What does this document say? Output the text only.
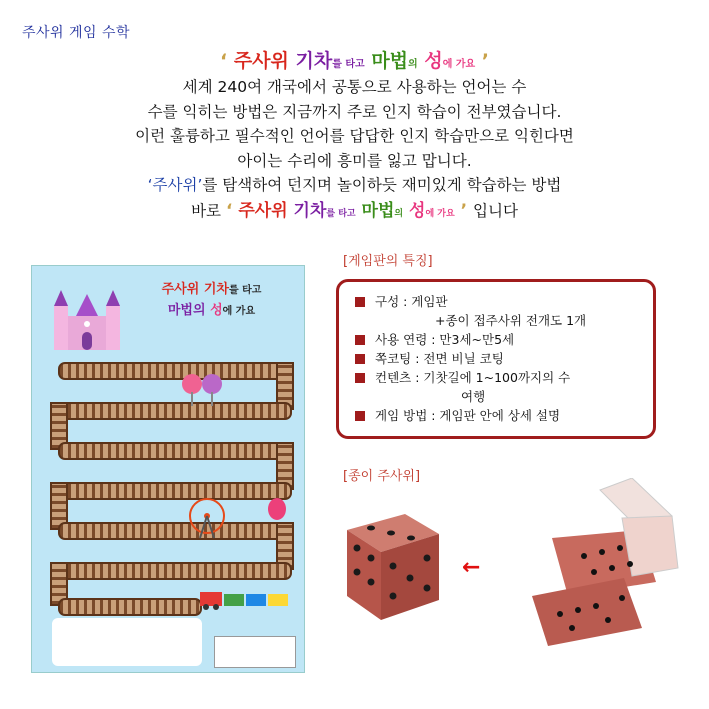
주사위 게임 수학
‘ 주사위 기차를 타고 마법의 성에 가요 ’
세계 240여 개국에서 공통으로 사용하는 언어는 수
수를 익히는 방법은 지금까지 주로 인지 학습이 전부였습니다.
이런 훌륭하고 필수적인 언어를 답답한 인지 학습만으로 익힌다면
아이는 수리에 흥미를 잃고 맙니다.
‘주사위’를 탐색하여 던지며 놀이하듯 재미있게 학습하는 방법
바로 ‘ 주사위 기차를 타고 마법의 성에 가요 ’ 입니다
주사위 기차를 타고
마법의 성에 가요
[게임판의 특징]
구성 : 게임판
+종이 접주사위 전개도 1개
사용 연령 : 만3세~만5세
쪽코팅 : 전면 비닐 코팅
컨텐츠 : 기찻길에 1~100까지의 수
여행
게임 방법 : 게임판 안에 상세 설명
[종이 주사위]
←
